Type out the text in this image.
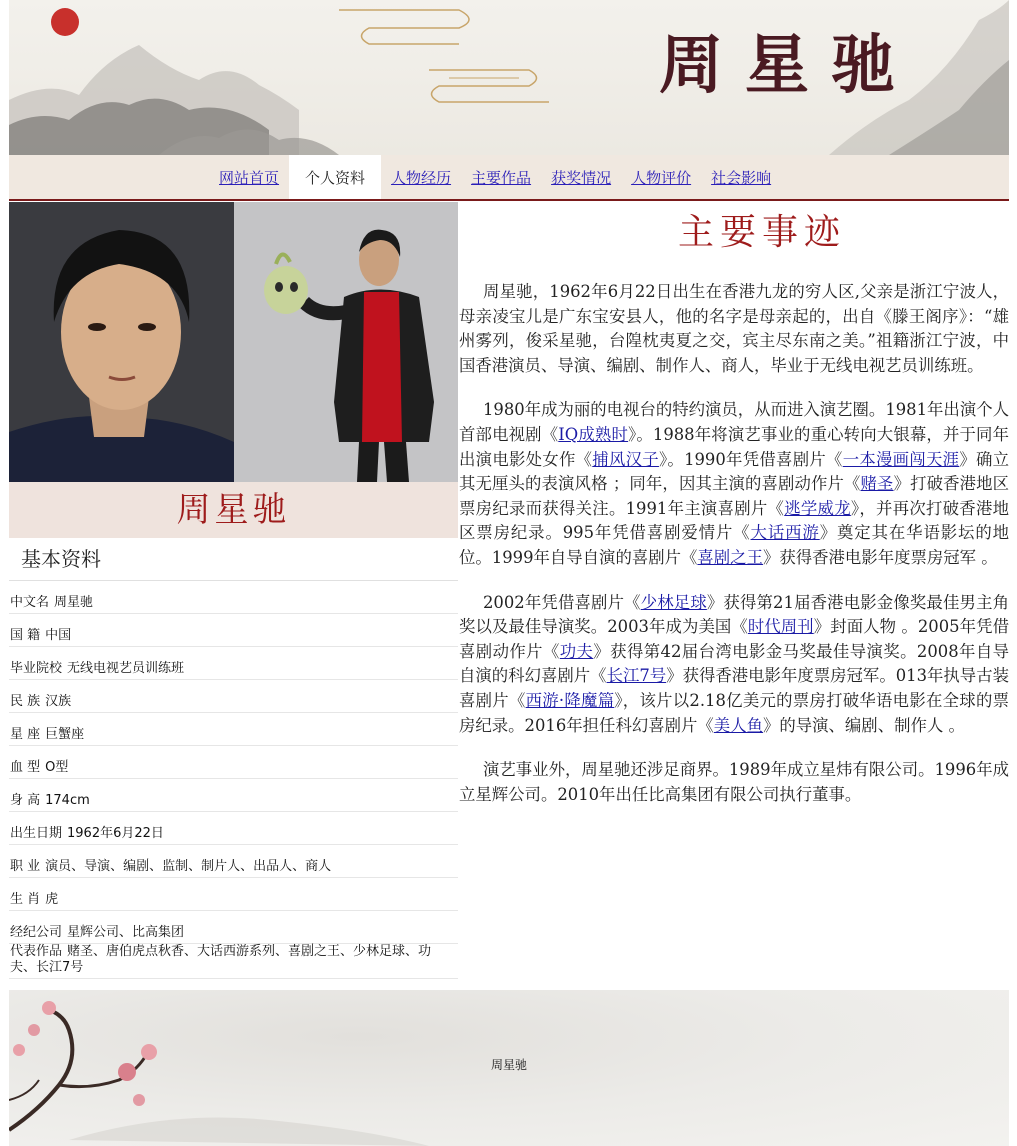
周星驰
网站首页 个人资料 人物经历 主要作品 获奖情况 人物评价 社会影响
周星驰
基本资料
中文名 周星驰
国 籍 中国
毕业院校 无线电视艺员训练班
民 族 汉族
星 座 巨蟹座
血 型 O型
身 高 174cm
出生日期 1962年6月22日
职 业 演员、导演、编剧、监制、制片人、出品人、商人
生 肖 虎
经纪公司 星辉公司、比高集团
代表作品 赌圣、唐伯虎点秋香、大话西游系列、喜剧之王、少林足球、功夫、长江7号
主要事迹

周星驰，1962年6月22日出生在香港九龙的穷人区,父亲是浙江宁波人，母亲凌宝儿是广东宝安县人，他的名字是母亲起的，出自《滕王阁序》：“雄州雾列，俊采星驰，台隍枕夷夏之交，宾主尽东南之美。”祖籍浙江宁波，中国香港演员、导演、编剧、制作人、商人，毕业于无线电视艺员训练班。

1980年成为丽的电视台的特约演员，从而进入演艺圈。1981年出演个人首部电视剧《IQ成熟时》。1988年将演艺事业的重心转向大银幕，并于同年出演电影处女作《捕风汉子》。1990年凭借喜剧片《一本漫画闯天涯》确立其无厘头的表演风格 ；同年，因其主演的喜剧动作片《赌圣》打破香港地区票房纪录而获得关注。1991年主演喜剧片《逃学威龙》，并再次打破香港地区票房纪录。995年凭借喜剧爱情片《大话西游》奠定其在华语影坛的地位。1999年自导自演的喜剧片《喜剧之王》获得香港电影年度票房冠军 。

2002年凭借喜剧片《少林足球》获得第21届香港电影金像奖最佳男主角奖以及最佳导演奖。2003年成为美国《时代周刊》封面人物 。2005年凭借喜剧动作片《功夫》获得第42届台湾电影金马奖最佳导演奖。2008年自导自演的科幻喜剧片《长江7号》获得香港电影年度票房冠军。013年执导古装喜剧片《西游·降魔篇》，该片以2.18亿美元的票房打破华语电影在全球的票房纪录。2016年担任科幻喜剧片《美人鱼》的导演、编剧、制作人 。

演艺事业外，周星驰还涉足商界。1989年成立星炜有限公司。1996年成立星辉公司。2010年出任比高集团有限公司执行董事。

周星驰
